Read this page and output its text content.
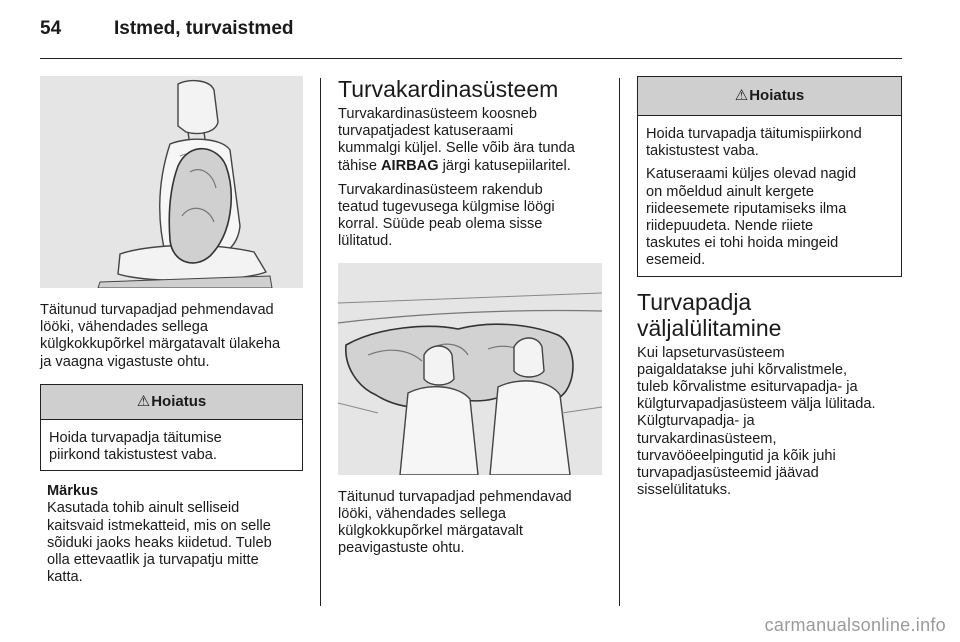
54	Istmed, turvaistmed
Täitunud turvapadjad pehmendavad
lööki, vähendades sellega
külgkokkupõrkel märgatavalt ülakeha
ja vaagna vigastuste ohtu.
⚠Hoiatus
Hoida turvapadja täitumise
piirkond takistustest vaba.
Märkus
Kasutada tohib ainult selliseid
kaitsvaid istmekatteid, mis on selle
sõiduki jaoks heaks kiidetud. Tuleb
olla ettevaatlik ja turvapatju mitte
katta.
Turvakardinasüsteem
Turvakardinasüsteem koosneb
turvapatjadest katuseraami
kummalgi küljel. Selle võib ära tunda
tähise AIRBAG järgi katusepiilaritel.
Turvakardinasüsteem rakendub
teatud tugevusega külgmise löögi
korral. Süüde peab olema sisse
lülitatud.
Täitunud turvapadjad pehmendavad
lööki, vähendades sellega
külgkokkupõrkel märgatavalt
peavigastuste ohtu.
⚠Hoiatus
Hoida turvapadja täitumispiirkond
takistustest vaba.
Katuseraami küljes olevad nagid
on mõeldud ainult kergete
riideesemete riputamiseks ilma
riidepuudeta. Nende riiete
taskutes ei tohi hoida mingeid
esemeid.
Turvapadja väljalülitamine
Kui lapseturvasüsteem
paigaldatakse juhi kõrvalistmele,
tuleb kõrvalistme esiturvapadja- ja
külgturvapadjasüsteem välja lülitada.
Külgturvapadja- ja
turvakardinasüsteem,
turvavööeelpingutid ja kõik juhi
turvapadjasüsteemid jäävad
sisselülitatuks.
carmanualsonline.info
